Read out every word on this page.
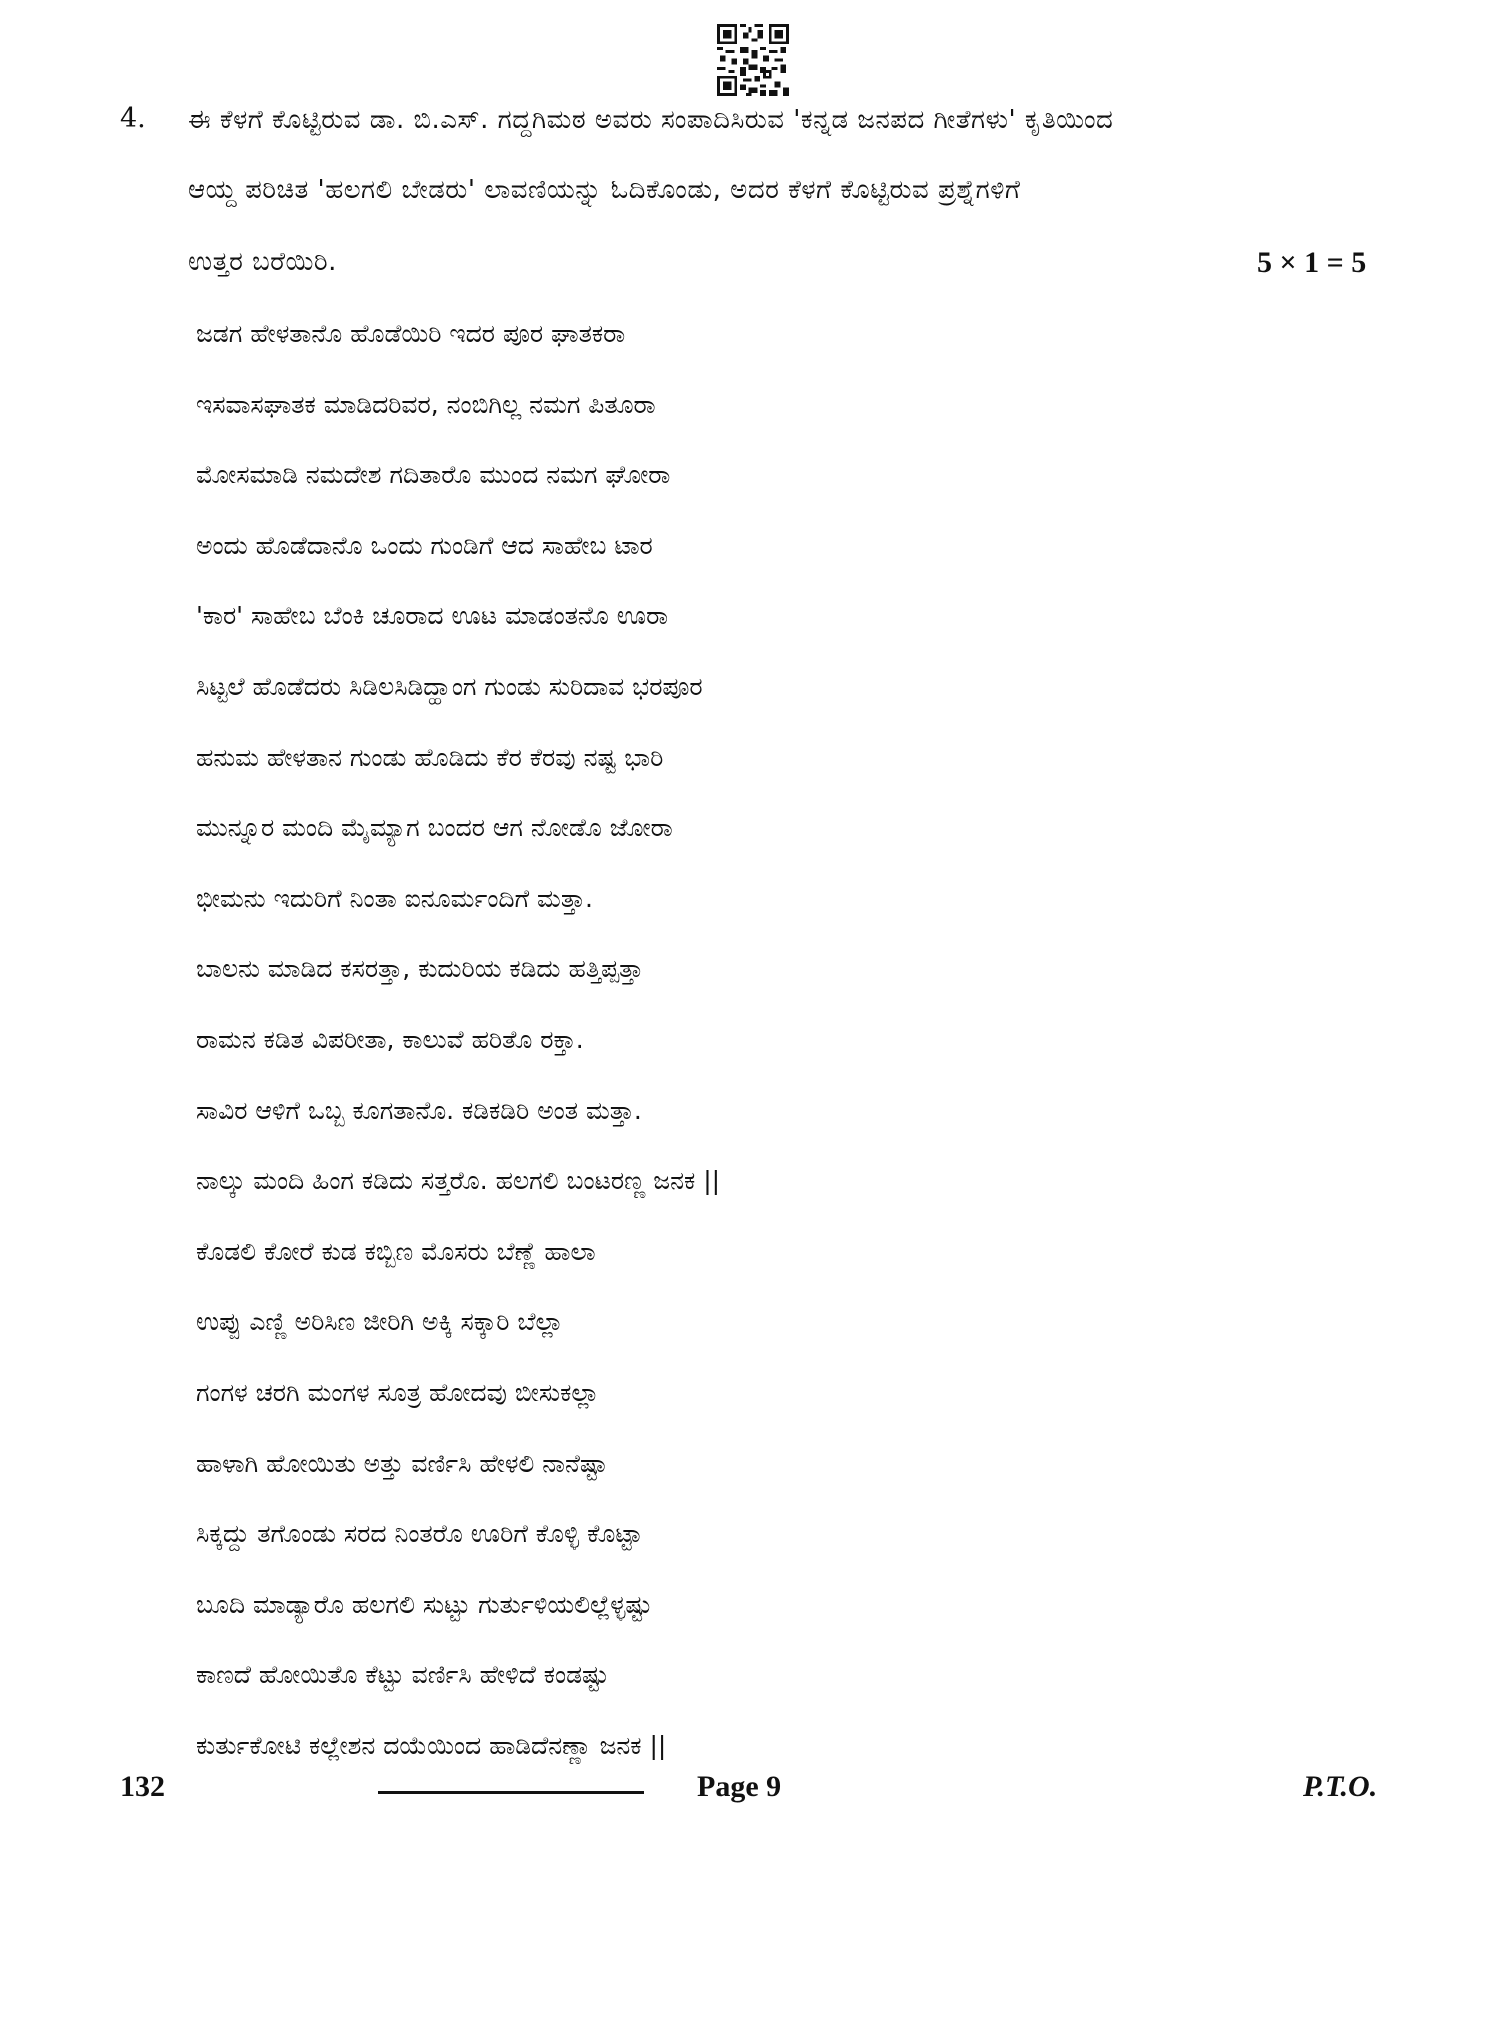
4. ಈ ಕೆಳಗೆ ಕೊಟ್ಟಿರುವ ಡಾ. ಬಿ.ಎಸ್. ಗದ್ದಗಿಮಠ ಅವರು ಸಂಪಾದಿಸಿರುವ 'ಕನ್ನಡ ಜನಪದ ಗೀತೆಗಳು' ಕೃತಿಯಿಂದ
ಆಯ್ದ ಪರಿಚಿತ 'ಹಲಗಲಿ ಬೇಡರು' ಲಾವಣಿಯನ್ನು ಓದಿಕೊಂಡು, ಅದರ ಕೆಳಗೆ ಕೊಟ್ಟಿರುವ ಪ್ರಶ್ನೆಗಳಿಗೆ
ಉತ್ತರ ಬರೆಯಿರಿ.	5 × 1 = 5
ಜಡಗ ಹೇಳತಾನೊ ಹೊಡೆಯಿರಿ ಇದರ ಪೂರ ಘಾತಕರಾ
ಇಸವಾಸಘಾತಕ ಮಾಡಿದರಿವರ, ನಂಬಿಗಿಲ್ಲ ನಮಗ ಪಿತೂರಾ
ಮೋಸಮಾಡಿ ನಮದೇಶ ಗದಿತಾರೊ ಮುಂದ ನಮಗ ಘೋರಾ
ಅಂದು ಹೊಡೆದಾನೊ ಒಂದು ಗುಂಡಿಗೆ ಆದ ಸಾಹೇಬ ಟಾರ
'ಕಾರ' ಸಾಹೇಬ ಬೆಂಕಿ ಚೂರಾದ ಊಟ ಮಾಡಂತನೊ ಊರಾ
ಸಿಟ್ಟಲೆ ಹೊಡೆದರು ಸಿಡಿಲಸಿಡಿದ್ಹಾಂಗ ಗುಂಡು ಸುರಿದಾವ ಭರಪೂರ
ಹನುಮ ಹೇಳತಾನ ಗುಂಡು ಹೊಡಿದು ಕೆರ ಕೆರವು ನಷ್ಟ ಭಾರಿ
ಮುನ್ನೂರ ಮಂದಿ ಮೈಮ್ಯಾಗ ಬಂದರ ಆಗ ನೋಡೊ ಜೋರಾ
ಭೀಮನು ಇದುರಿಗೆ ನಿಂತಾ ಐನೂರ್ಮಂದಿಗೆ ಮತ್ತಾ.
ಬಾಲನು ಮಾಡಿದ ಕಸರತ್ತಾ, ಕುದುರಿಯ ಕಡಿದು ಹತ್ತಿಪ್ಪತ್ತಾ
ರಾಮನ ಕಡಿತ ವಿಪರೀತಾ, ಕಾಲುವೆ ಹರಿತೊ ರಕ್ತಾ.
ಸಾವಿರ ಆಳಿಗೆ ಒಬ್ಬ ಕೂಗತಾನೊ. ಕಡಿಕಡಿರಿ ಅಂತ ಮತ್ತಾ.
ನಾಲ್ಕು ಮಂದಿ ಹಿಂಗ ಕಡಿದು ಸತ್ತರೊ. ಹಲಗಲಿ ಬಂಟರಣ್ಣ ಜನಕ ||
ಕೊಡಲಿ ಕೋರೆ ಕುಡ ಕಬ್ಬಿಣ ಮೊಸರು ಬೆಣ್ಣೆ ಹಾಲಾ
ಉಪ್ಪು ಎಣ್ಣಿ ಅರಿಸಿಣ ಜೀರಿಗಿ ಅಕ್ಕಿ ಸಕ್ಕಾರಿ ಬೆಲ್ಲಾ
ಗಂಗಳ ಚರಗಿ ಮಂಗಳ ಸೂತ್ರ ಹೋದವು ಬೀಸುಕಲ್ಲಾ
ಹಾಳಾಗಿ ಹೋಯಿತು ಅತ್ತು ವರ್ಣಿಸಿ ಹೇಳಲಿ ನಾನೆಷ್ಟಾ
ಸಿಕ್ಕದ್ದು ತಗೊಂಡು ಸರದ ನಿಂತರೊ ಊರಿಗೆ ಕೊಳ್ಳಿ ಕೊಟ್ಟಾ
ಬೂದಿ ಮಾಡ್ಯಾರೊ ಹಲಗಲಿ ಸುಟ್ಟು ಗುರ್ತುಳಿಯಲಿಲ್ಲೆಳ್ಳಷ್ಟು
ಕಾಣದೆ ಹೋಯಿತೊ ಕೆಟ್ಟು ವರ್ಣಿಸಿ ಹೇಳಿದೆ ಕಂಡಷ್ಟು
ಕುರ್ತುಕೋಟಿ ಕಲ್ಲೇಶನ ದಯೆಯಿಂದ ಹಾಡಿದೆನಣ್ಣಾ ಜನಕ ||
132	Page 9	P.T.O.
